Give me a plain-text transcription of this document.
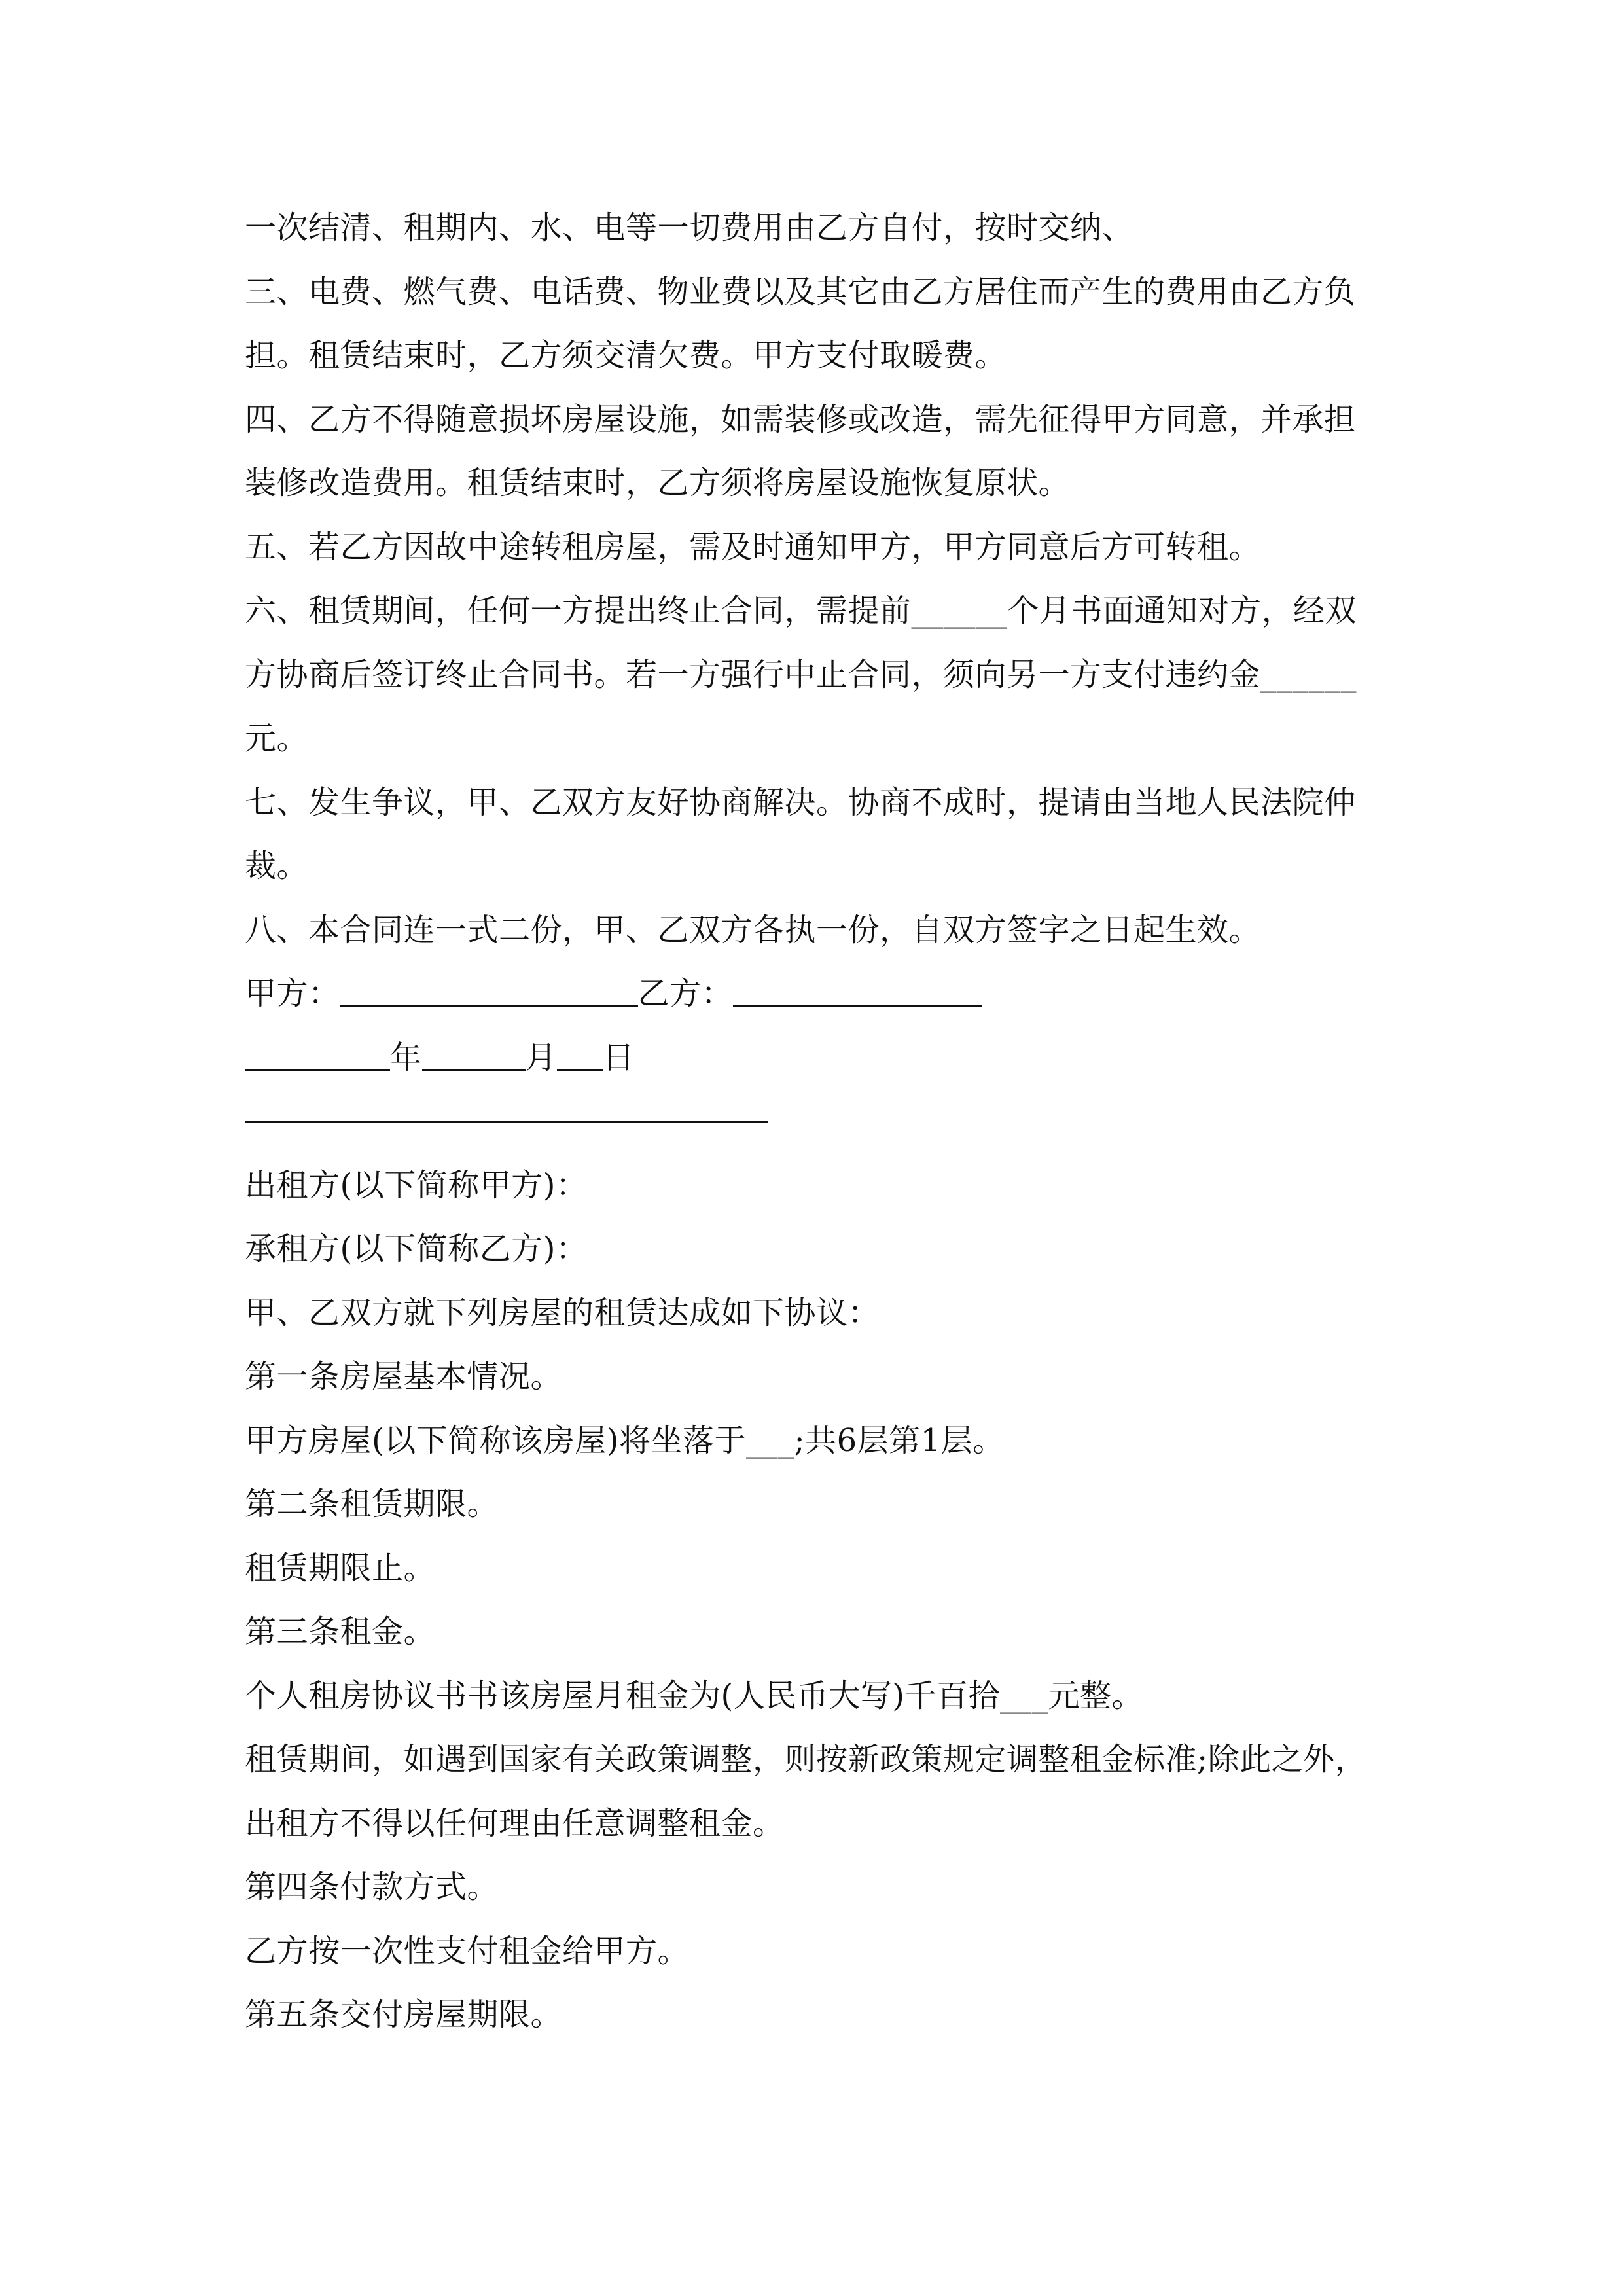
一次结清、租期内、水、电等一切费用由乙方自付，按时交纳、
三、电费、燃气费、电话费、物业费以及其它由乙方居住而产生的费用由乙方负
担。租赁结束时，乙方须交清欠费。甲方支付取暖费。
四、乙方不得随意损坏房屋设施，如需装修或改造，需先征得甲方同意，并承担
装修改造费用。租赁结束时，乙方须将房屋设施恢复原状。
五、若乙方因故中途转租房屋，需及时通知甲方，甲方同意后方可转租。
六、租赁期间，任何一方提出终止合同，需提前______个月书面通知对方，经双
方协商后签订终止合同书。若一方强行中止合同，须向另一方支付违约金______
元。
七、发生争议，甲、乙双方友好协商解决。协商不成时，提请由当地人民法院仲
裁。
八、本合同连一式二份，甲、乙双方各执一份，自双方签字之日起生效。
甲方：	乙方：
年	月 日
出租方(以下简称甲方)：
承租方(以下简称乙方)：
甲、乙双方就下列房屋的租赁达成如下协议：
第一条房屋基本情况。
甲方房屋(以下简称该房屋)将坐落于___;共6层第1层。
第二条租赁期限。
租赁期限止。
第三条租金。
个人租房协议书书该房屋月租金为(人民币大写)千百拾___元整。
租赁期间，如遇到国家有关政策调整，则按新政策规定调整租金标准;除此之外，
出租方不得以任何理由任意调整租金。
第四条付款方式。
乙方按一次性支付租金给甲方。
第五条交付房屋期限。
